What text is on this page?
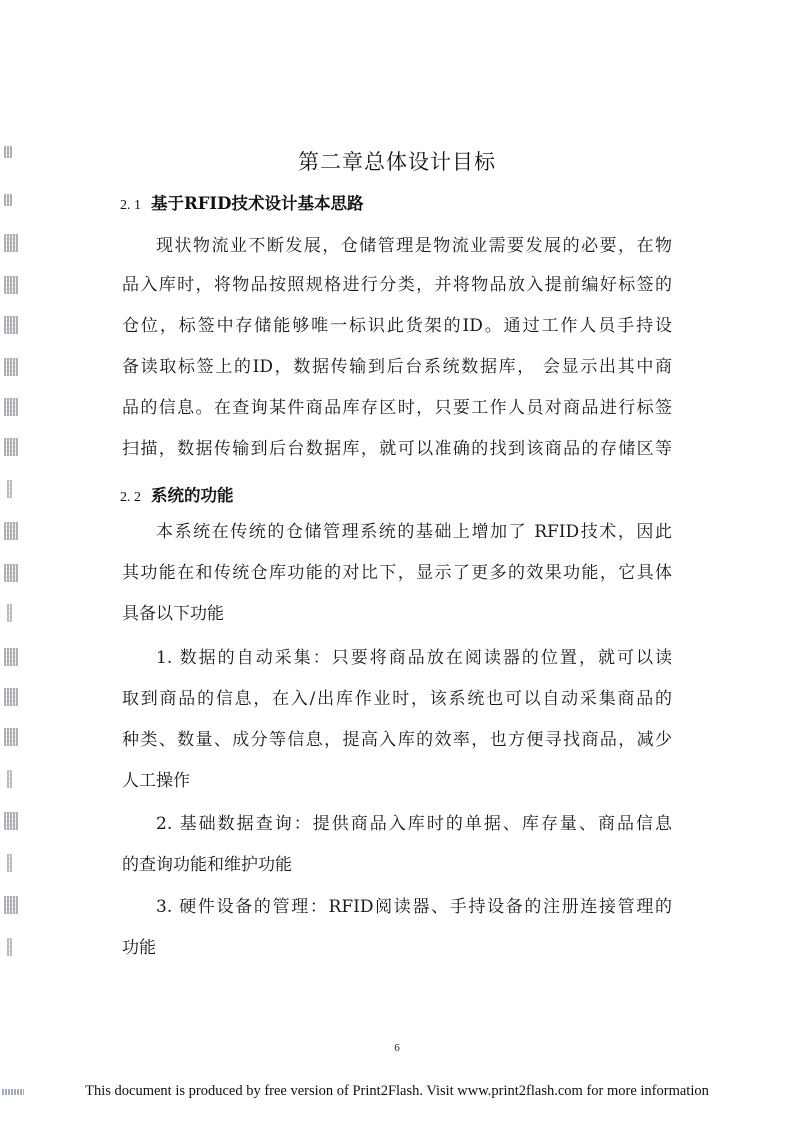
第二章总体设计目标
2. 1 基于RFID技术设计基本思路
现状物流业不断发展，仓储管理是物流业需要发展的必要，在物
品入库时，将物品按照规格进行分类，并将物品放入提前编好标签的
仓位，标签中存储能够唯一标识此货架的ID。通过工作人员手持设
备读取标签上的ID，数据传输到后台系统数据库， 会显示出其中商
品的信息。在查询某件商品库存区时，只要工作人员对商品进行标签
扫描，数据传输到后台数据库，就可以准确的找到该商品的存储区等
2. 2 系统的功能
本系统在传统的仓储管理系统的基础上增加了 RFID技术，因此
其功能在和传统仓库功能的对比下，显示了更多的效果功能，它具体
具备以下功能
1. 数据的自动采集：只要将商品放在阅读器的位置，就可以读
取到商品的信息，在入/出库作业时，该系统也可以自动采集商品的
种类、数量、成分等信息，提高入库的效率，也方便寻找商品，减少
人工操作
2. 基础数据查询：提供商品入库时的单据、库存量、商品信息
的查询功能和维护功能
3. 硬件设备的管理：RFID阅读器、手持设备的注册连接管理的
功能
6
This document is produced by free version of Print2Flash. Visit www.print2flash.com for more information
